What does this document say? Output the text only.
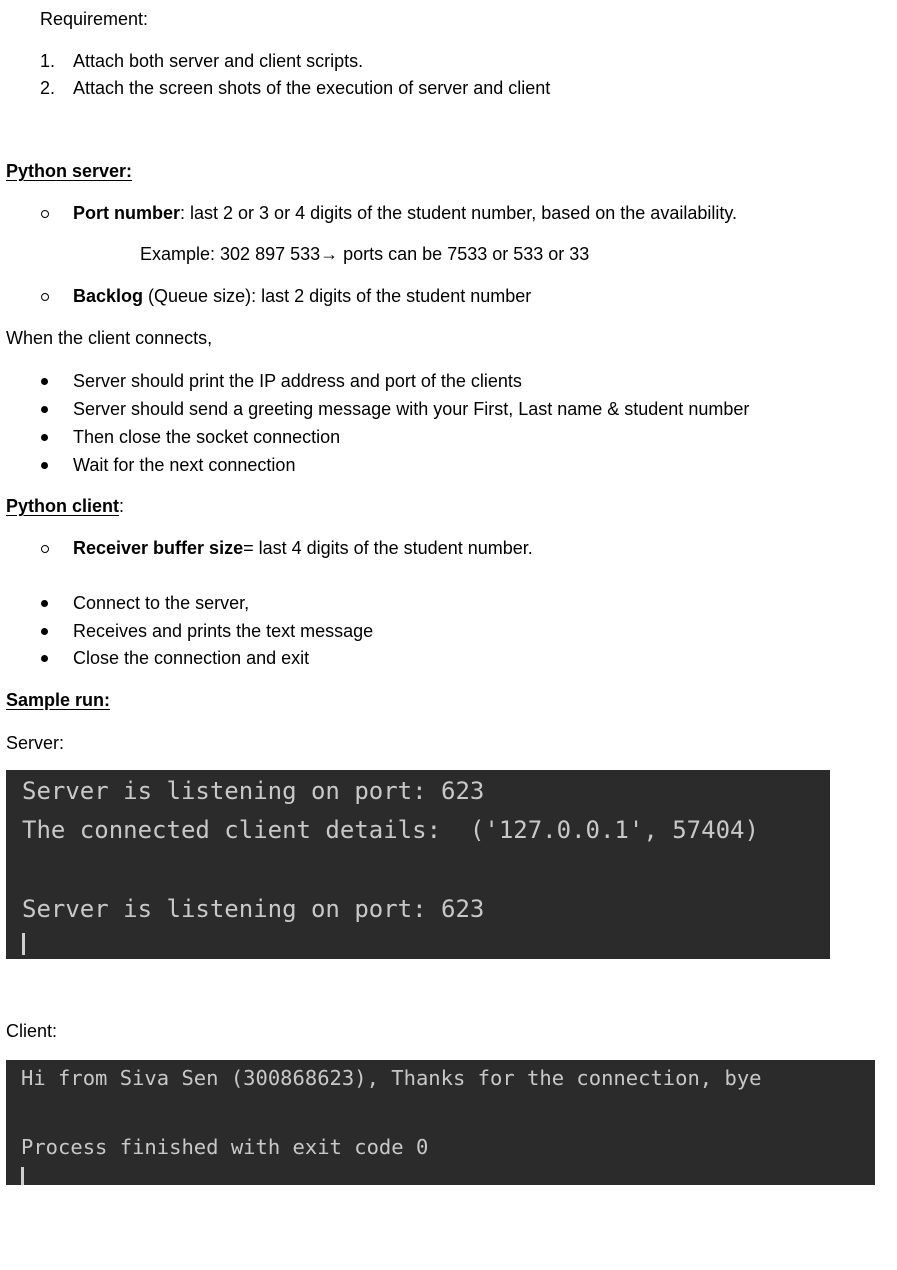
Requirement:
1. Attach both server and client scripts.
2. Attach the screen shots of the execution of server and client
Python server:
Port number: last 2 or 3 or 4 digits of the student number, based on the availability.
Example: 302 897 533→ ports can be 7533 or 533 or 33
Backlog (Queue size): last 2 digits of the student number
When the client connects,
Server should print the IP address and port of the clients
Server should send a greeting message with your First, Last name & student number
Then close the socket connection
Wait for the next connection
Python client:
Receiver buffer size= last 4 digits of the student number.
Connect to the server,
Receives and prints the text message
Close the connection and exit
Sample run:
Server:
Server is listening on port: 623
The connected client details:  ('127.0.0.1', 57404)
Server is listening on port: 623
Client:
Hi from Siva Sen (300868623), Thanks for the connection, bye
Process finished with exit code 0
